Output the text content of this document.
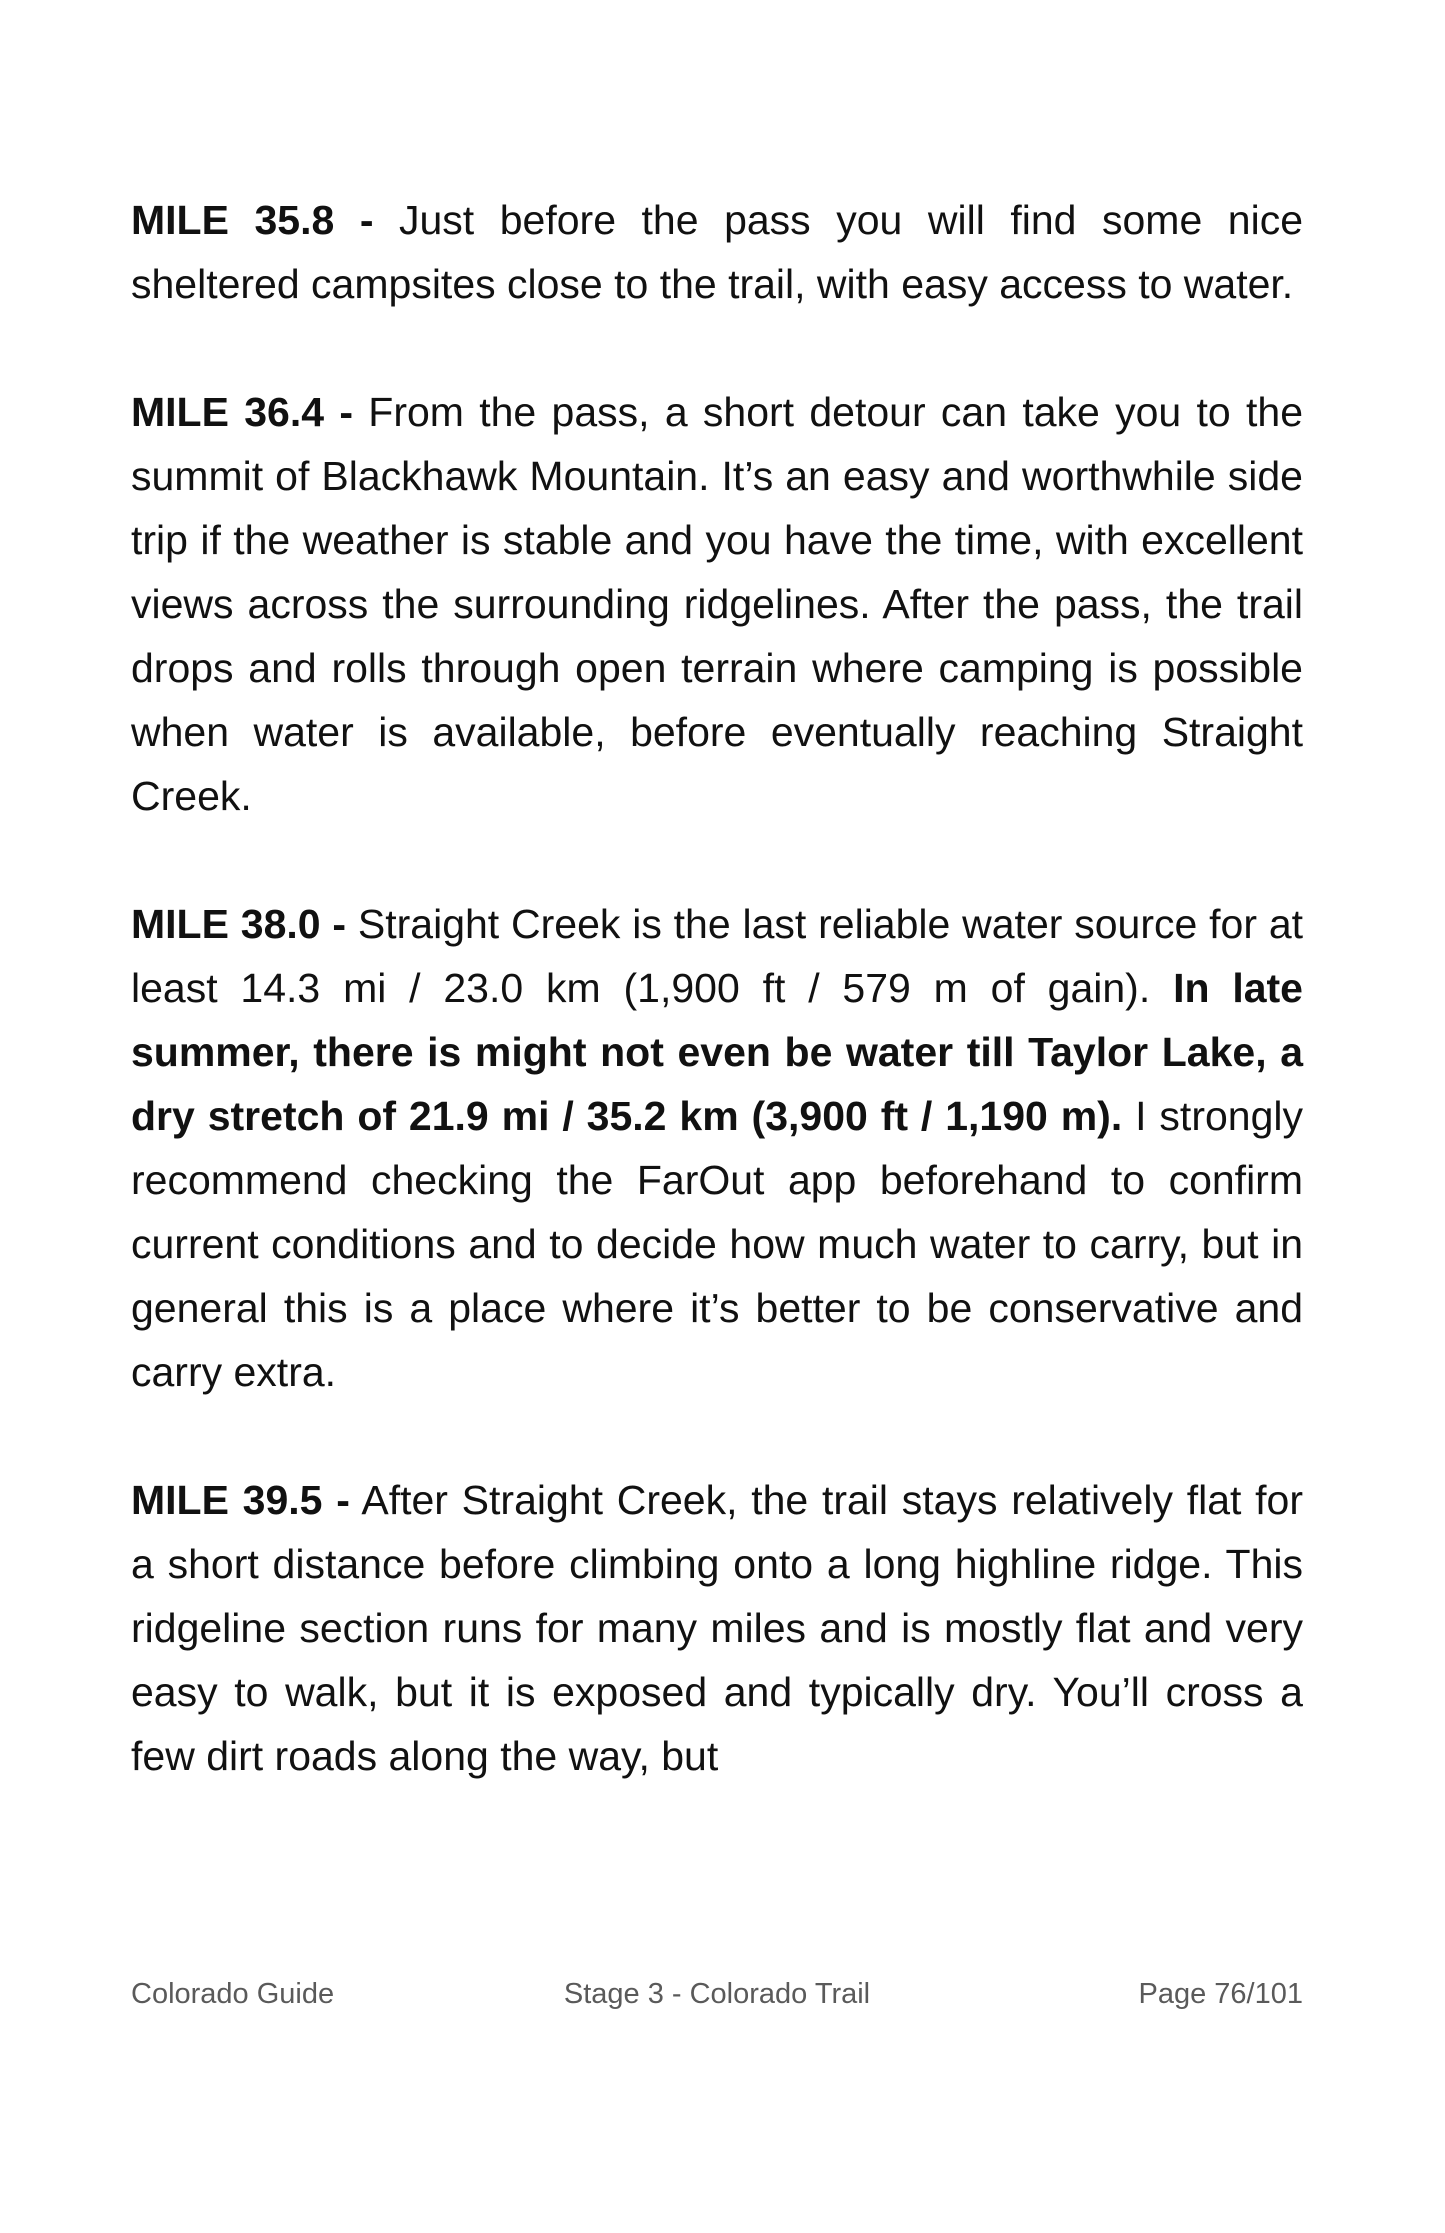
MILE 35.8 - Just before the pass you will find some nice sheltered campsites close to the trail, with easy access to water.

MILE 36.4 - From the pass, a short detour can take you to the summit of Blackhawk Mountain. It’s an easy and worthwhile side trip if the weather is stable and you have the time, with excellent views across the surrounding ridgelines. After the pass, the trail drops and rolls through open terrain where camping is possible when water is available, before eventually reaching Straight Creek.

MILE 38.0 - Straight Creek is the last reliable water source for at least 14.3 mi / 23.0 km (1,900 ft / 579 m of gain). In late summer, there is might not even be water till Taylor Lake, a dry stretch of 21.9 mi / 35.2 km (3,900 ft / 1,190 m). I strongly recommend checking the FarOut app beforehand to confirm current conditions and to decide how much water to carry, but in general this is a place where it’s better to be conservative and carry extra.

MILE 39.5 - After Straight Creek, the trail stays relatively flat for a short distance before climbing onto a long highline ridge. This ridgeline section runs for many miles and is mostly flat and very easy to walk, but it is exposed and typically dry. You’ll cross a few dirt roads along the way, but

Colorado Guide	Stage 3 - Colorado Trail	Page 76/101
